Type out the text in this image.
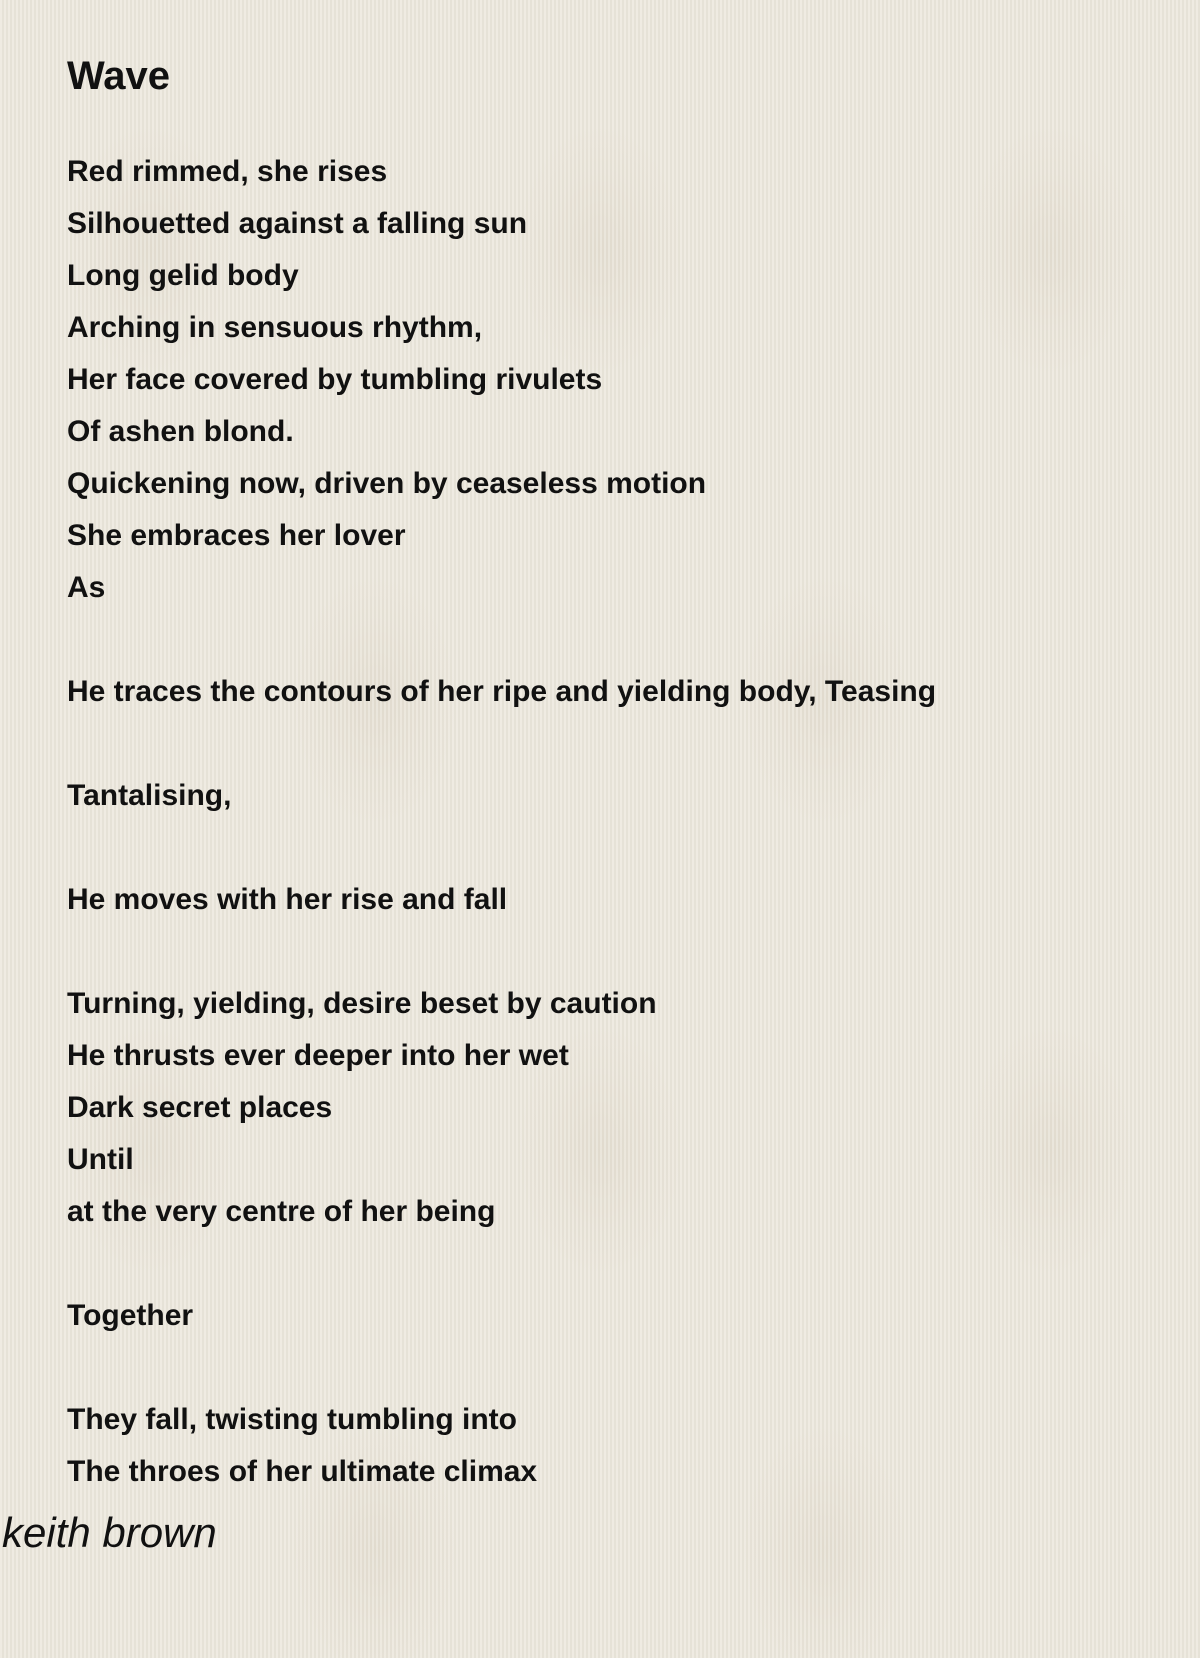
Wave
Red rimmed, she rises
Silhouetted against a falling sun
Long gelid body
Arching in sensuous rhythm,
Her face covered by tumbling rivulets
Of ashen blond.
Quickening now, driven by ceaseless motion
She embraces her lover
As
He traces the contours of her ripe and yielding body, Teasing
Tantalising,
He moves with her rise and fall
Turning, yielding, desire beset by caution
He thrusts ever deeper into her wet
Dark secret places
Until
at the very centre of her being
Together
They fall, twisting tumbling into
The throes of her ultimate climax
keith brown
